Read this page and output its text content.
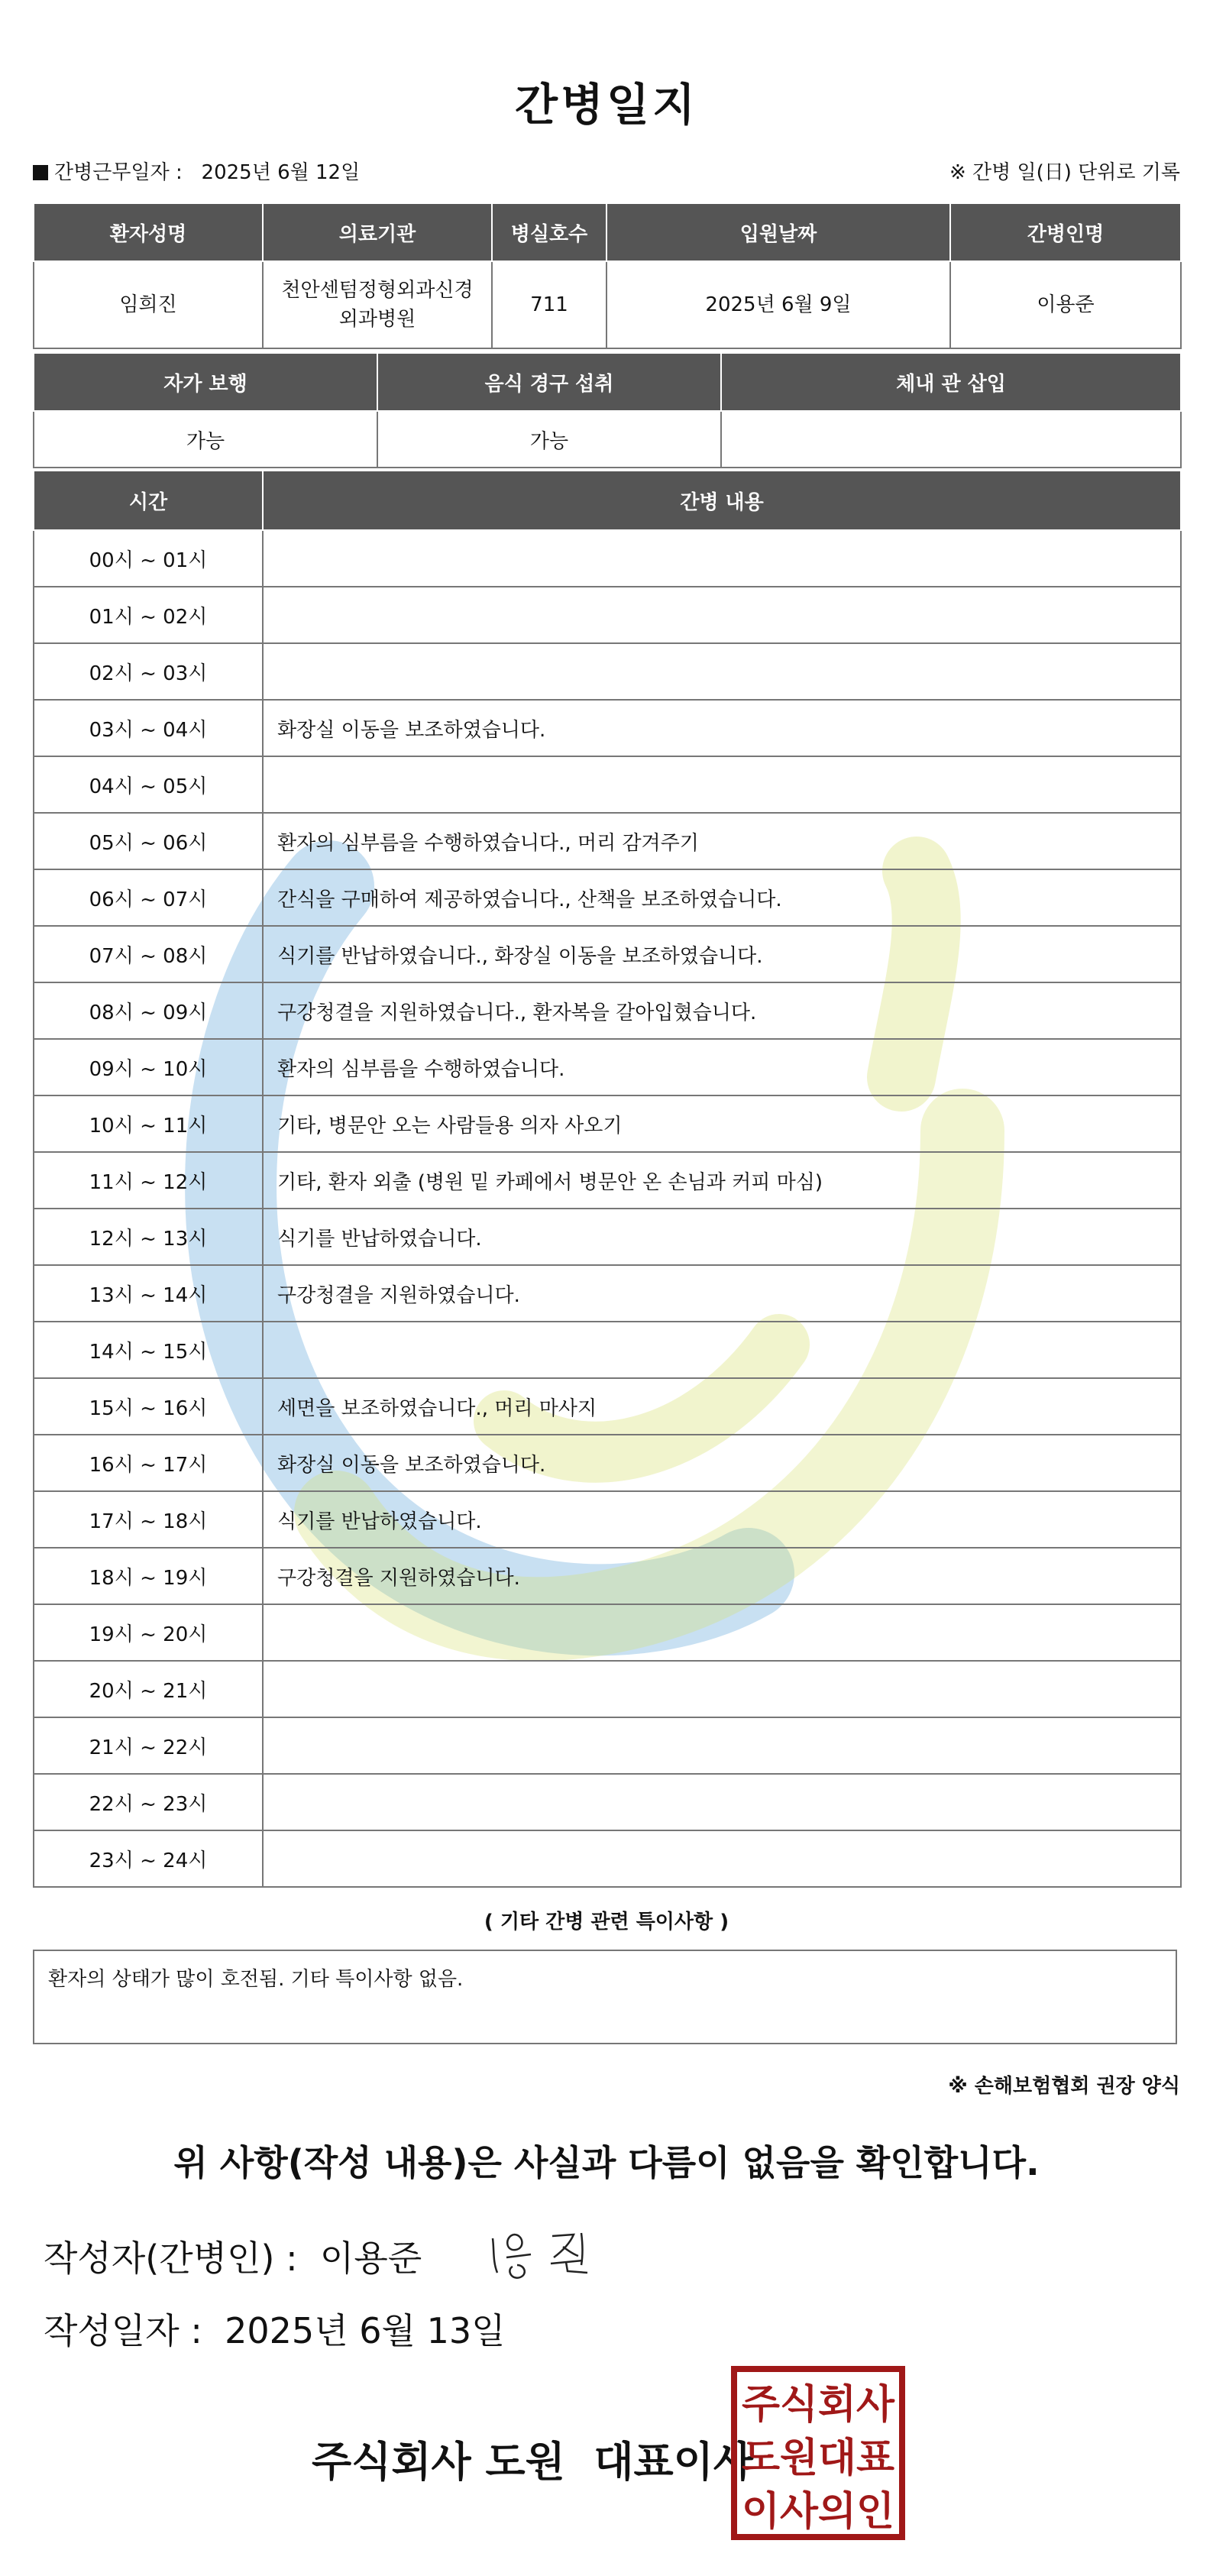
간병일지
간병근무일자 : 2025년 6월 12일	※ 간병 일(日) 단위로 기록
환자성명	의료기관	병실호수	입원날짜	간병인명
임희진	천안센텀정형외과신경외과병원	711	2025년 6월 9일	이용준
자가 보행	음식 경구 섭취	체내 관 삽입
가능	가능	
시간	간병 내용
00시 ~ 01시	
01시 ~ 02시	
02시 ~ 03시	
03시 ~ 04시	화장실 이동을 보조하였습니다.
04시 ~ 05시	
05시 ~ 06시	환자의 심부름을 수행하였습니다., 머리 감겨주기
06시 ~ 07시	간식을 구매하여 제공하였습니다., 산책을 보조하였습니다.
07시 ~ 08시	식기를 반납하였습니다., 화장실 이동을 보조하였습니다.
08시 ~ 09시	구강청결을 지원하였습니다., 환자복을 갈아입혔습니다.
09시 ~ 10시	환자의 심부름을 수행하였습니다.
10시 ~ 11시	기타, 병문안 오는 사람들용 의자 사오기
11시 ~ 12시	기타, 환자 외출 (병원 밑 카페에서 병문안 온 손님과 커피 마심)
12시 ~ 13시	식기를 반납하였습니다.
13시 ~ 14시	구강청결을 지원하였습니다.
14시 ~ 15시	
15시 ~ 16시	세면을 보조하였습니다., 머리 마사지
16시 ~ 17시	화장실 이동을 보조하였습니다.
17시 ~ 18시	식기를 반납하였습니다.
18시 ~ 19시	구강청결을 지원하였습니다.
19시 ~ 20시	
20시 ~ 21시	
21시 ~ 22시	
22시 ~ 23시	
23시 ~ 24시	
( 기타 간병 관련 특이사항 )
환자의 상태가 많이 호전됨. 기타 특이사항 없음.
※ 손해보험협회 권장 양식
위 사항(작성 내용)은 사실과 다름이 없음을 확인합니다.
작성자(간병인) : 이용준
작성일자 : 2025년 6월 13일
주식회사 도원  대표이사
주식회사
도원대표
이사의인
